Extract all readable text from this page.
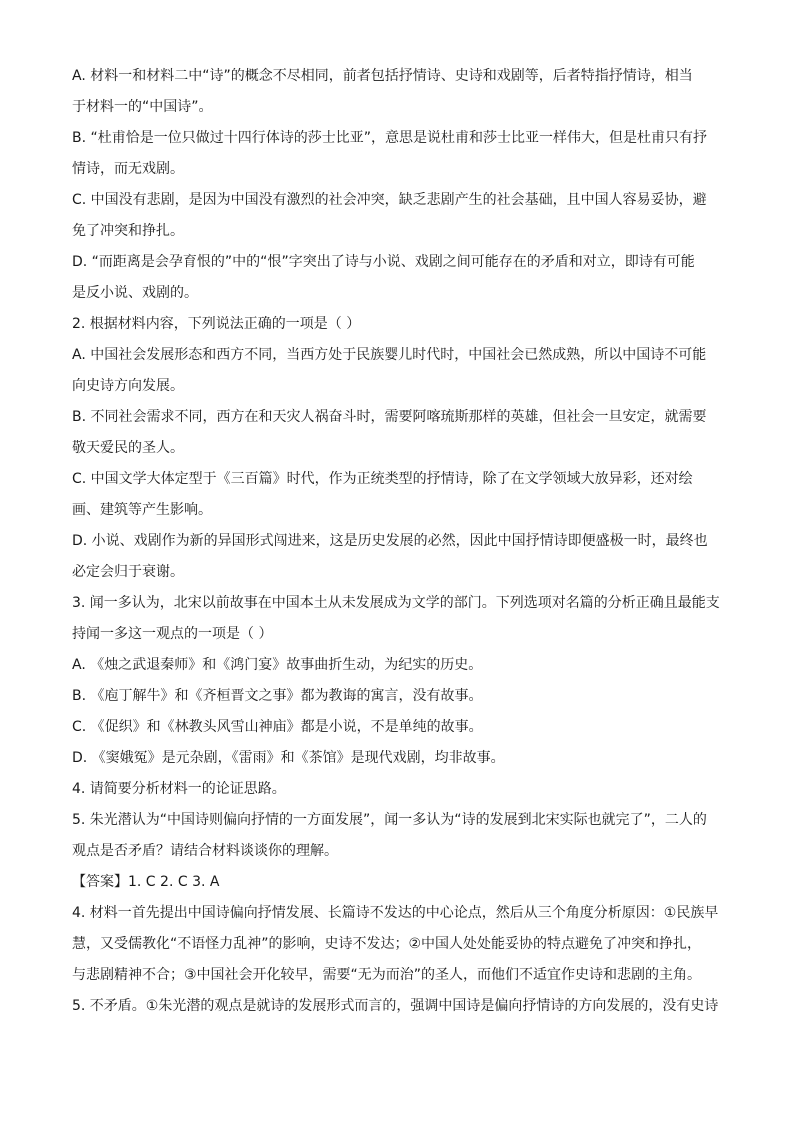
A. 材料一和材料二中“诗”的概念不尽相同，前者包括抒情诗、史诗和戏剧等，后者特指抒情诗，相当
于材料一的“中国诗”。
B. “杜甫恰是一位只做过十四行体诗的莎士比亚”，意思是说杜甫和莎士比亚一样伟大，但是杜甫只有抒
情诗，而无戏剧。
C. 中国没有悲剧，是因为中国没有激烈的社会冲突，缺乏悲剧产生的社会基础，且中国人容易妥协，避
免了冲突和挣扎。
D. “而距离是会孕育恨的”中的“恨”字突出了诗与小说、戏剧之间可能存在的矛盾和对立，即诗有可能
是反小说、戏剧的。
2. 根据材料内容，下列说法正确的一项是（ ）
A. 中国社会发展形态和西方不同，当西方处于民族婴儿时代时，中国社会已然成熟，所以中国诗不可能
向史诗方向发展。
B. 不同社会需求不同，西方在和天灾人祸奋斗时，需要阿喀琉斯那样的英雄，但社会一旦安定，就需要
敬天爱民的圣人。
C. 中国文学大体定型于《三百篇》时代，作为正统类型的抒情诗，除了在文学领域大放异彩，还对绘
画、建筑等产生影响。
D. 小说、戏剧作为新的异国形式闯进来，这是历史发展的必然，因此中国抒情诗即便盛极一时，最终也
必定会归于衰谢。
3. 闻一多认为，北宋以前故事在中国本土从未发展成为文学的部门。下列选项对名篇的分析正确且最能支
持闻一多这一观点的一项是（ ）
A. 《烛之武退秦师》和《鸿门宴》故事曲折生动，为纪实的历史。
B. 《庖丁解牛》和《齐桓晋文之事》都为教诲的寓言，没有故事。
C. 《促织》和《林教头风雪山神庙》都是小说，不是单纯的故事。
D. 《窦娥冤》是元杂剧，《雷雨》和《茶馆》是现代戏剧，均非故事。
4. 请简要分析材料一的论证思路。
5. 朱光潜认为“中国诗则偏向抒情的一方面发展”，闻一多认为“诗的发展到北宋实际也就完了”，二人的
观点是否矛盾？请结合材料谈谈你的理解。
【答案】1. C 2. C 3. A
4. 材料一首先提出中国诗偏向抒情发展、长篇诗不发达的中心论点，然后从三个角度分析原因：①民族早
慧，又受儒教化“不语怪力乱神”的影响，史诗不发达；②中国人处处能妥协的特点避免了冲突和挣扎，
与悲剧精神不合；③中国社会开化较早，需要“无为而治”的圣人，而他们不适宜作史诗和悲剧的主角。
5. 不矛盾。①朱光潜的观点是就诗的发展形式而言的，强调中国诗是偏向抒情诗的方向发展的，没有史诗
